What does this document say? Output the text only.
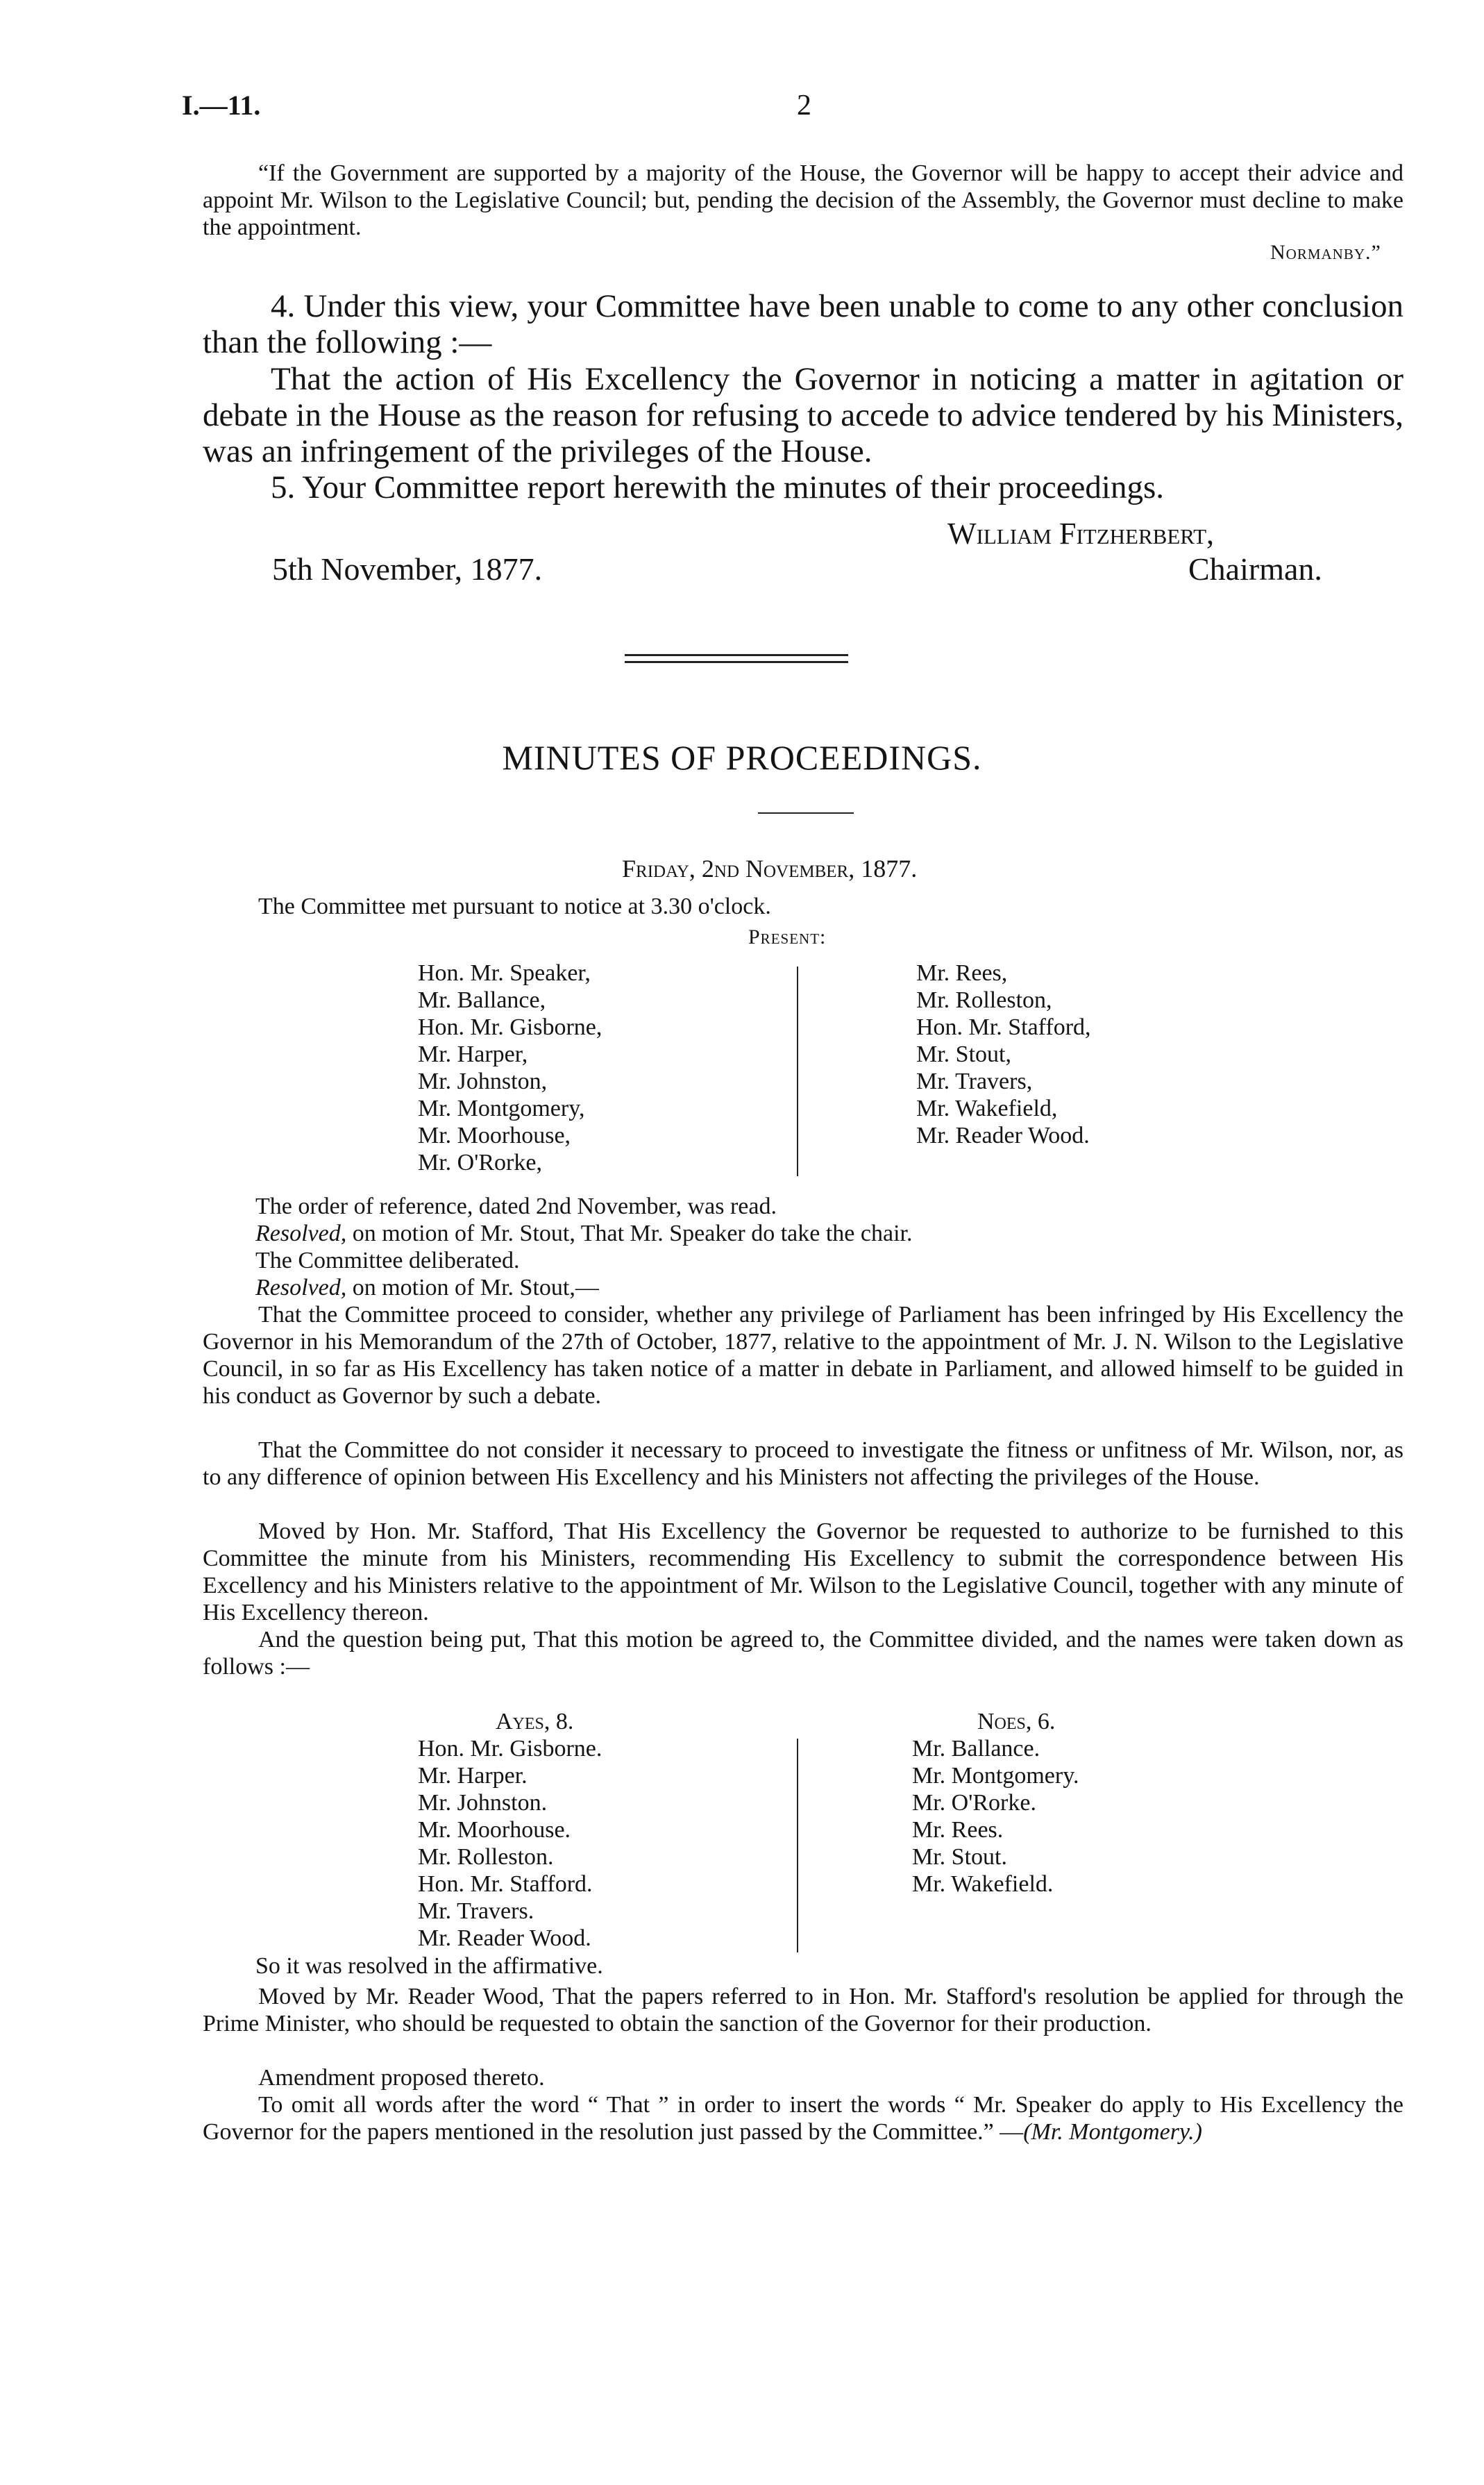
I.—11.	2
“If the Government are supported by a majority of the House, the Governor will be happy to accept their advice and appoint Mr. Wilson to the Legislative Council; but, pending the decision of the Assembly, the Governor must decline to make the appointment.
Normanby.”
4. Under this view, your Committee have been unable to come to any other conclusion than the following :—
That the action of His Excellency the Governor in noticing a matter in agitation or debate in the House as the reason for refusing to accede to advice tendered by his Ministers, was an infringement of the privileges of the House.
5. Your Committee report herewith the minutes of their proceedings.
William Fitzherbert,
5th November, 1877.	Chairman.
MINUTES OF PROCEEDINGS.
Friday, 2nd November, 1877.
The Committee met pursuant to notice at 3.30 o'clock.
Present:
Hon. Mr. Speaker,
Mr. Ballance,
Hon. Mr. Gisborne,
Mr. Harper,
Mr. Johnston,
Mr. Montgomery,
Mr. Moorhouse,
Mr. O'Rorke,
Mr. Rees,
Mr. Rolleston,
Hon. Mr. Stafford,
Mr. Stout,
Mr. Travers,
Mr. Wakefield,
Mr. Reader Wood.
The order of reference, dated 2nd November, was read.
Resolved, on motion of Mr. Stout, That Mr. Speaker do take the chair.
The Committee deliberated.
Resolved, on motion of Mr. Stout,—
That the Committee proceed to consider, whether any privilege of Parliament has been infringed by His Excellency the Governor in his Memorandum of the 27th of October, 1877, relative to the appointment of Mr. J. N. Wilson to the Legislative Council, in so far as His Excellency has taken notice of a matter in debate in Parliament, and allowed himself to be guided in his conduct as Governor by such a debate.
That the Committee do not consider it necessary to proceed to investigate the fitness or unfitness of Mr. Wilson, nor, as to any difference of opinion between His Excellency and his Ministers not affecting the privileges of the House.
Moved by Hon. Mr. Stafford, That His Excellency the Governor be requested to authorize to be furnished to this Committee the minute from his Ministers, recommending His Excellency to submit the correspondence between His Excellency and his Ministers relative to the appointment of Mr. Wilson to the Legislative Council, together with any minute of His Excellency thereon.
And the question being put, That this motion be agreed to, the Committee divided, and the names were taken down as follows :—
Ayes, 8.
Hon. Mr. Gisborne.
Mr. Harper.
Mr. Johnston.
Mr. Moorhouse.
Mr. Rolleston.
Hon. Mr. Stafford.
Mr. Travers.
Mr. Reader Wood.
Noes, 6.
Mr. Ballance.
Mr. Montgomery.
Mr. O'Rorke.
Mr. Rees.
Mr. Stout.
Mr. Wakefield.
So it was resolved in the affirmative.
Moved by Mr. Reader Wood, That the papers referred to in Hon. Mr. Stafford's resolution be applied for through the Prime Minister, who should be requested to obtain the sanction of the Governor for their production.
Amendment proposed thereto.
To omit all words after the word “ That ” in order to insert the words “ Mr. Speaker do apply to His Excellency the Governor for the papers mentioned in the resolution just passed by the Committee.” —(Mr. Montgomery.)
